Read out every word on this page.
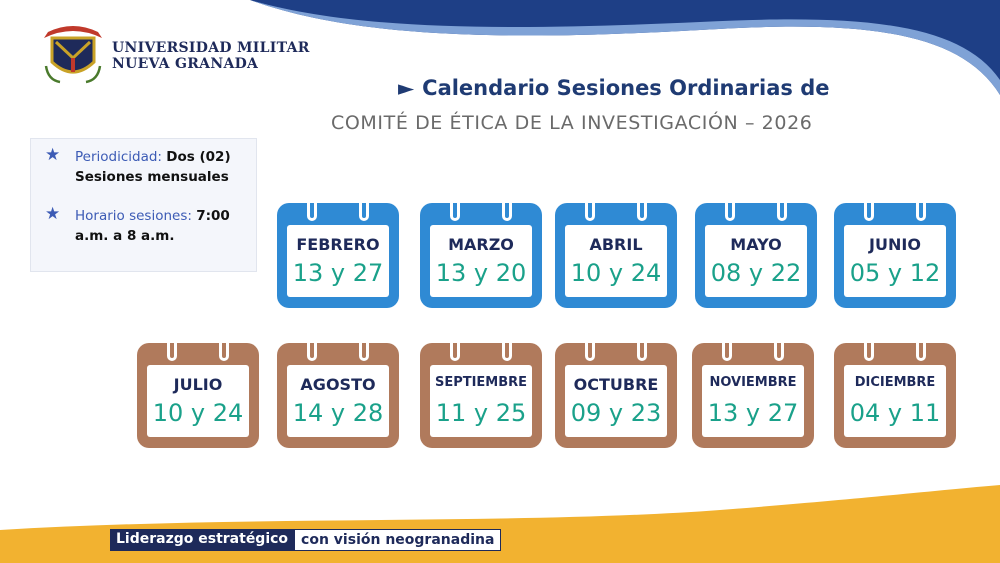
UNIVERSIDAD MILITAR
NUEVA GRANADA
► Calendario Sesiones Ordinarias de
COMITÉ DE ÉTICA DE LA INVESTIGACIÓN – 2026
★ Periodicidad: Dos (02) Sesiones mensuales
★ Horario sesiones: 7:00 a.m. a 8 a.m.	FEBRERO
13 y 27
MARZO
13 y 20
ABRIL
10 y 24
MAYO
08 y 22
JUNIO
05 y 12
JULIO
10 y 24
AGOSTO
14 y 28
SEPTIEMBRE
11 y 25
OCTUBRE
09 y 23
NOVIEMBRE
13 y 27
DICIEMBRE
04 y 11
Liderazgo estratégico con visión neogranadina
